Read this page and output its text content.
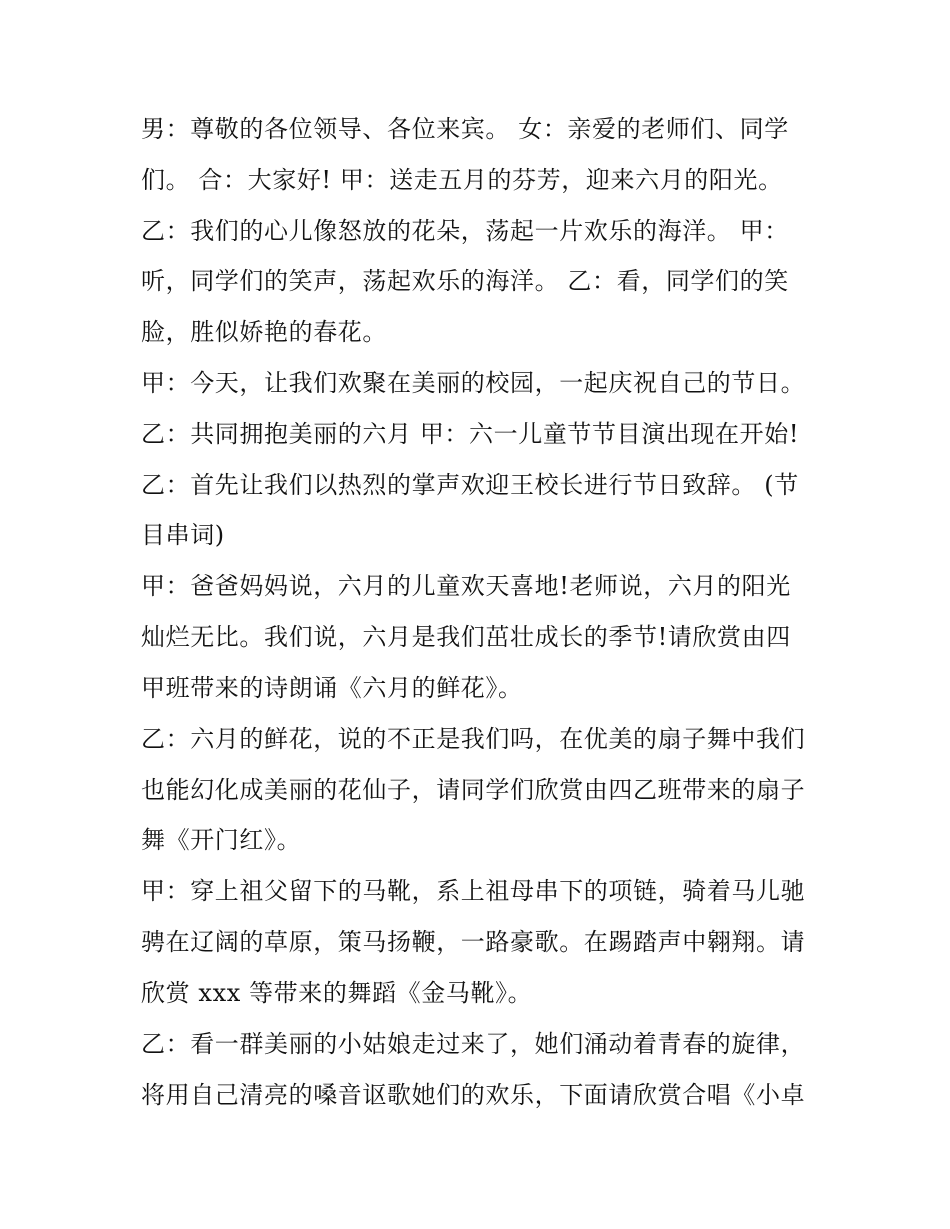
男：尊敬的各位领导、各位来宾。 女：亲爱的老师们、同学
们。 合：大家好! 甲：送走五月的芬芳，迎来六月的阳光。
乙：我们的心儿像怒放的花朵，荡起一片欢乐的海洋。 甲：
听，同学们的笑声，荡起欢乐的海洋。 乙：看，同学们的笑
脸，胜似娇艳的春花。
甲：今天，让我们欢聚在美丽的校园，一起庆祝自己的节日。
乙：共同拥抱美丽的六月 甲：六一儿童节节目演出现在开始!
乙：首先让我们以热烈的掌声欢迎王校长进行节日致辞。 (节
目串词)
甲：爸爸妈妈说，六月的儿童欢天喜地!老师说，六月的阳光
灿烂无比。我们说，六月是我们茁壮成长的季节!请欣赏由四
甲班带来的诗朗诵《六月的鲜花》。
乙：六月的鲜花，说的不正是我们吗，在优美的扇子舞中我们
也能幻化成美丽的花仙子，请同学们欣赏由四乙班带来的扇子
舞《开门红》。
甲：穿上祖父留下的马靴，系上祖母串下的项链，骑着马儿驰
骋在辽阔的草原，策马扬鞭，一路豪歌。在踢踏声中翱翔。请
欣赏 xxx 等带来的舞蹈《金马靴》。
乙：看一群美丽的小姑娘走过来了，她们涌动着青春的旋律，
将用自己清亮的嗓音讴歌她们的欢乐，下面请欣赏合唱《小卓
